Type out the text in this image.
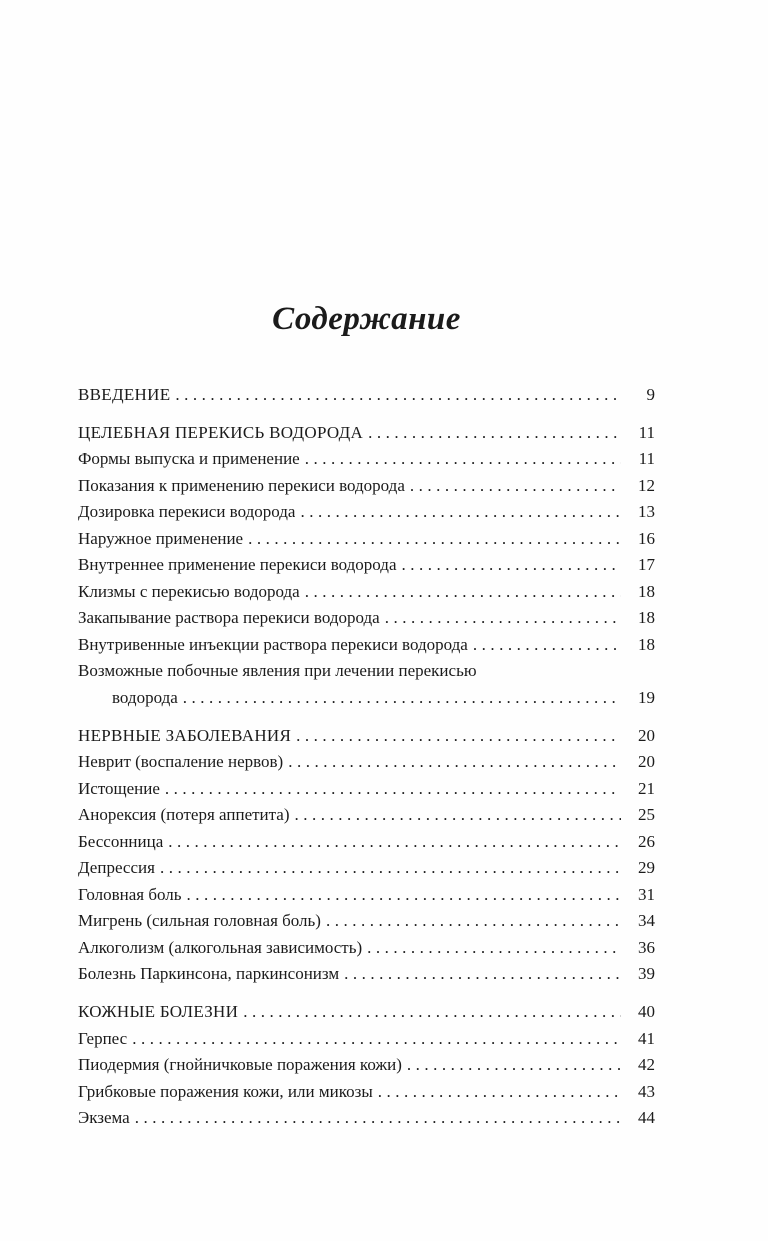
Содержание
ВВЕДЕНИЕ .....	9
ЦЕЛЕБНАЯ ПЕРЕКИСЬ ВОДОРОДА .....	11
Формы выпуска и применение .....	11
Показания к применению перекиси водорода .....	12
Дозировка перекиси водорода .....	13
Наружное применение .....	16
Внутреннее применение перекиси водорода .....	17
Клизмы с перекисью водорода .....	18
Закапывание раствора перекиси водорода .....	18
Внутривенные инъекции раствора перекиси водорода .....	18
Возможные побочные явления при лечении перекисью
водорода .....	19
НЕРВНЫЕ ЗАБОЛЕВАНИЯ .....	20
Неврит (воспаление нервов) .....	20
Истощение .....	21
Анорексия (потеря аппетита) .....	25
Бессонница .....	26
Депрессия .....	29
Головная боль .....	31
Мигрень (сильная головная боль) .....	34
Алкоголизм (алкогольная зависимость) .....	36
Болезнь Паркинсона, паркинсонизм .....	39
КОЖНЫЕ БОЛЕЗНИ .....	40
Герпес .....	41
Пиодермия (гнойничковые поражения кожи) .....	42
Грибковые поражения кожи, или микозы .....	43
Экзема .....	44
